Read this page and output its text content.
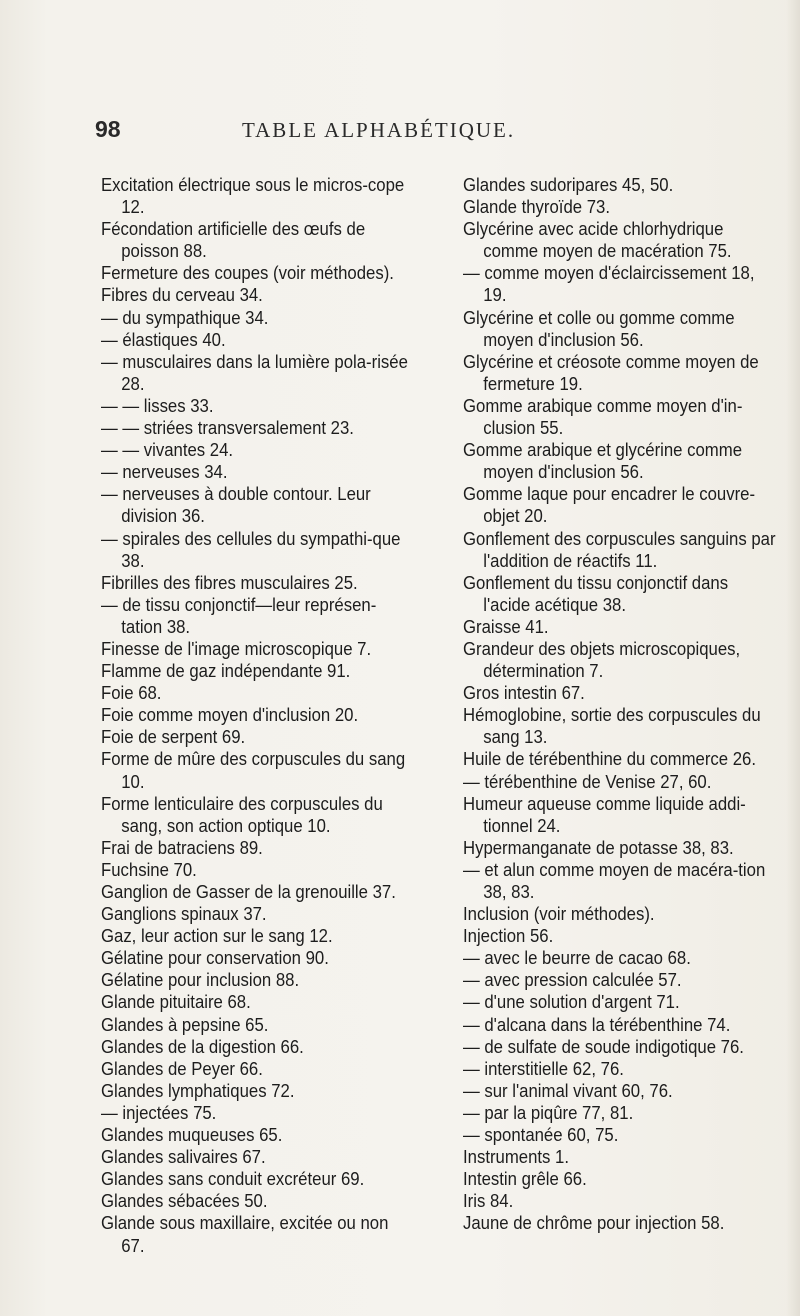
98	TABLE ALPHABÉTIQUE.

Excitation électrique sous le micros-cope 12.

Fécondation artificielle des œufs de poisson 88.

Fermeture des coupes (voir méthodes).

Fibres du cerveau 34.

— du sympathique 34.

— élastiques 40.

— musculaires dans la lumière pola-risée 28.

— — lisses 33.

— — striées transversalement 23.

— — vivantes 24.

— nerveuses 34.

— nerveuses à double contour. Leur division 36.

— spirales des cellules du sympathi-que 38.

Fibrilles des fibres musculaires 25.

— de tissu conjonctif—leur représen-tation 38.

Finesse de l'image microscopique 7.

Flamme de gaz indépendante 91.

Foie 68.

Foie comme moyen d'inclusion 20.

Foie de serpent 69.

Forme de mûre des corpuscules du sang 10.

Forme lenticulaire des corpuscules du sang, son action optique 10.

Frai de batraciens 89.

Fuchsine 70.

Ganglion de Gasser de la grenouille 37.

Ganglions spinaux 37.

Gaz, leur action sur le sang 12.

Gélatine pour conservation 90.

Gélatine pour inclusion 88.

Glande pituitaire 68.

Glandes à pepsine 65.

Glandes de la digestion 66.

Glandes de Peyer 66.

Glandes lymphatiques 72.

— injectées 75.

Glandes muqueuses 65.

Glandes salivaires 67.

Glandes sans conduit excréteur 69.

Glandes sébacées 50.

Glande sous maxillaire, excitée ou non 67.

Glandes sudoripares 45, 50.

Glande thyroïde 73.

Glycérine avec acide chlorhydrique comme moyen de macération 75.

— comme moyen d'éclaircissement 18, 19.

Glycérine et colle ou gomme comme moyen d'inclusion 56.

Glycérine et créosote comme moyen de fermeture 19.

Gomme arabique comme moyen d'in-clusion 55.

Gomme arabique et glycérine comme moyen d'inclusion 56.

Gomme laque pour encadrer le couvre-objet 20.

Gonflement des corpuscules sanguins par l'addition de réactifs 11.

Gonflement du tissu conjonctif dans l'acide acétique 38.

Graisse 41.

Grandeur des objets microscopiques, détermination 7.

Gros intestin 67.

Hémoglobine, sortie des corpuscules du sang 13.

Huile de térébenthine du commerce 26.

— térébenthine de Venise 27, 60.

Humeur aqueuse comme liquide addi-tionnel 24.

Hypermanganate de potasse 38, 83.

— et alun comme moyen de macéra-tion 38, 83.

Inclusion (voir méthodes).

Injection 56.

— avec le beurre de cacao 68.

— avec pression calculée 57.

— d'une solution d'argent 71.

— d'alcana dans la térébenthine 74.

— de sulfate de soude indigotique 76.

— interstitielle 62, 76.

— sur l'animal vivant 60, 76.

— par la piqûre 77, 81.

— spontanée 60, 75.

Instruments 1.

Intestin grêle 66.

Iris 84.

Jaune de chrôme pour injection 58.
